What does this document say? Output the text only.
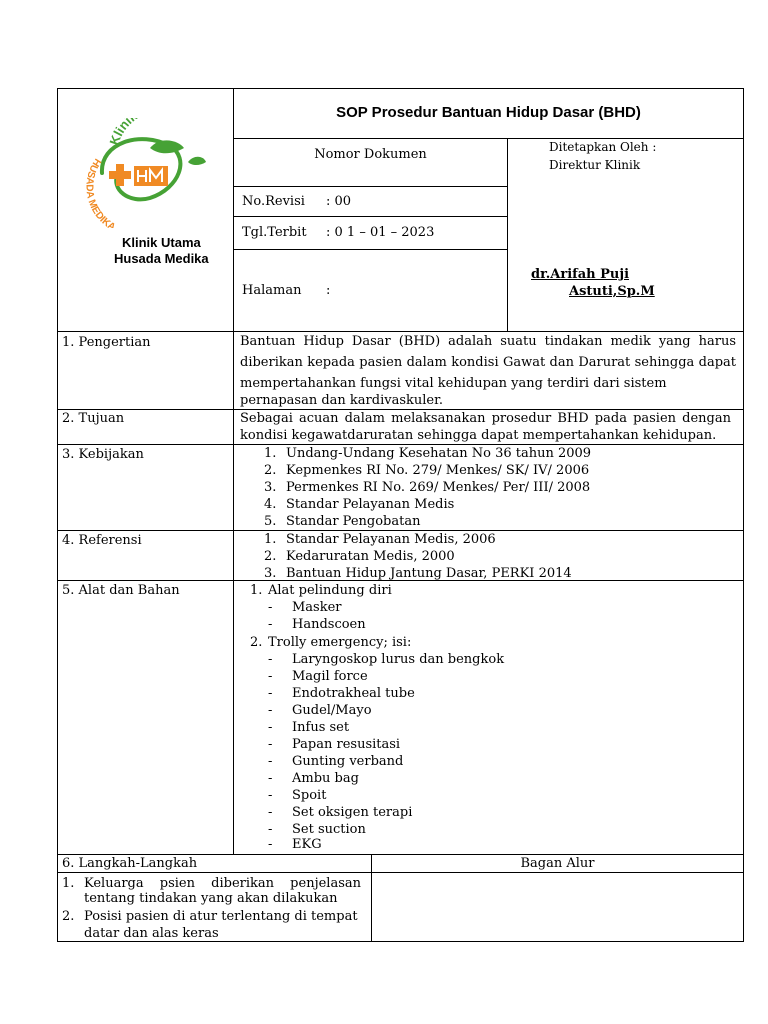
Klini
HUSADA MEDIKA
Klinik Utama
Husada Medika
SOP Prosedur Bantuan Hidup Dasar (BHD)
Nomor Dokumen
No.Revisi : 00
Tgl.Terbit : 0 1 – 01 – 2023
Halaman :
Ditetapkan Oleh :
Direktur Klinik
dr.Arifah Puji
Astuti,Sp.M
1. Pengertian	Bantuan Hidup Dasar (BHD) adalah suatu tindakan medik yang harus
diberikan kepada pasien dalam kondisi Gawat dan Darurat sehingga dapat
mempertahankan fungsi vital kehidupan yang terdiri dari sistem
pernapasan dan kardivaskuler.
2. Tujuan	Sebagai acuan dalam melaksanakan prosedur BHD pada pasien dengan
kondisi kegawatdaruratan sehingga dapat mempertahankan kehidupan.
3. Kebijakan	1. Undang-Undang Kesehatan No 36 tahun 2009
2. Kepmenkes RI No. 279/ Menkes/ SK/ IV/ 2006
3. Permenkes RI No. 269/ Menkes/ Per/ III/ 2008
4. Standar Pelayanan Medis
5. Standar Pengobatan
4. Referensi	1. Standar Pelayanan Medis, 2006
2. Kedaruratan Medis, 2000
3. Bantuan Hidup Jantung Dasar, PERKI 2014
5. Alat dan Bahan	1. Alat pelindung diri
- Masker
- Handscoen
2. Trolly emergency; isi:
- Laryngoskop lurus dan bengkok
- Magil force
- Endotrakheal tube
- Gudel/Mayo
- Infus set
- Papan resusitasi
- Gunting verband
- Ambu bag
- Spoit
- Set oksigen terapi
- Set suction
- EKG
6. Langkah-Langkah	Bagan Alur
1. Keluarga psien diberikan penjelasan
tentang tindakan yang akan dilakukan
2. Posisi pasien di atur terlentang di tempat
datar dan alas keras
